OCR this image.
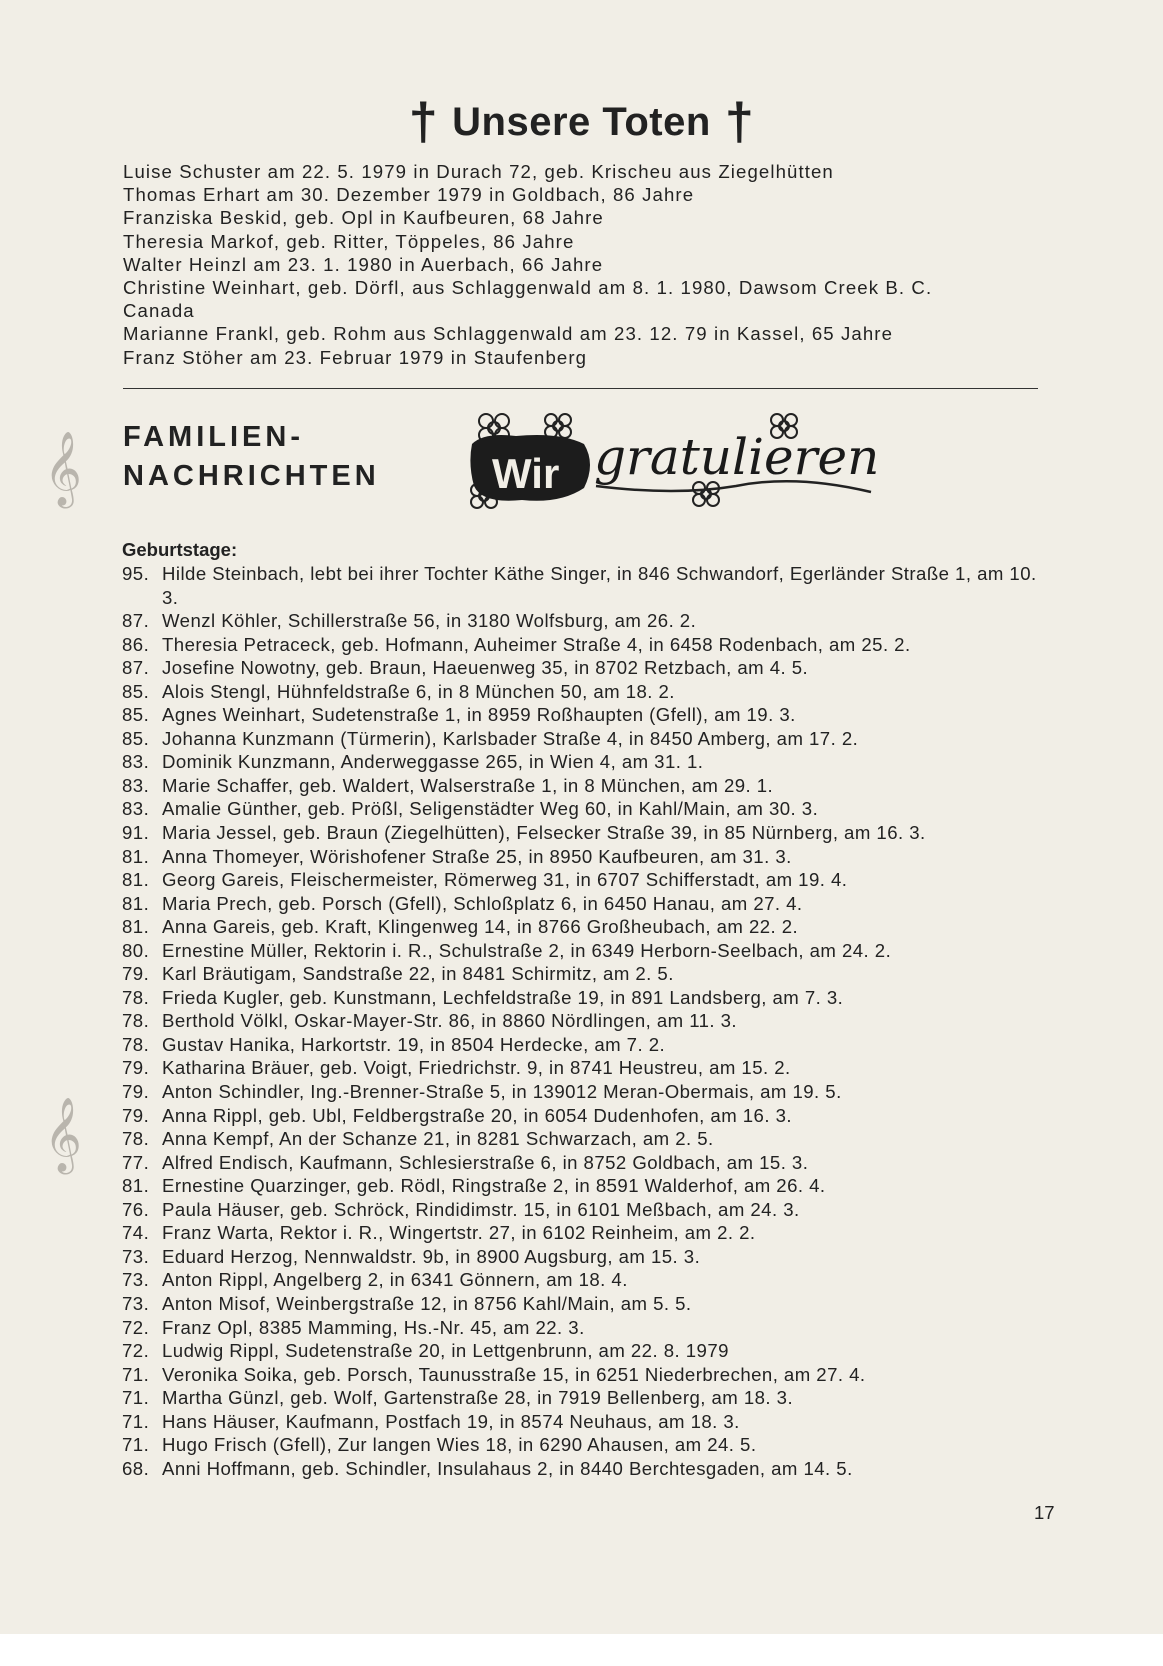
𝄞
𝄞
† Unsere Toten †
Luise Schuster am 22. 5. 1979 in Durach 72, geb. Krischeu aus Ziegelhütten
Thomas Erhart am 30. Dezember 1979 in Goldbach, 86 Jahre
Franziska Beskid, geb. Opl in Kaufbeuren, 68 Jahre
Theresia Markof, geb. Ritter, Töppeles, 86 Jahre
Walter Heinzl am 23. 1. 1980 in Auerbach, 66 Jahre
Christine Weinhart, geb. Dörfl, aus Schlaggenwald am 8. 1. 1980, Dawsom Creek B. C.
Canada
Marianne Frankl, geb. Rohm aus Schlaggenwald am 23. 12. 79 in Kassel, 65 Jahre
Franz Stöher am 23. Februar 1979 in Staufenberg
FAMILIEN-
NACHRICHTEN	Wir gratulieren
Geburtstage:
95. Hilde Steinbach, lebt bei ihrer Tochter Käthe Singer, in 846 Schwandorf, Egerländer Straße 1, am 10. 3.
87. Wenzl Köhler, Schillerstraße 56, in 3180 Wolfsburg, am 26. 2.
86. Theresia Petraceck, geb. Hofmann, Auheimer Straße 4, in 6458 Rodenbach, am 25. 2.
87. Josefine Nowotny, geb. Braun, Haeuenweg 35, in 8702 Retzbach, am 4. 5.
85. Alois Stengl, Hühnfeldstraße 6, in 8 München 50, am 18. 2.
85. Agnes Weinhart, Sudetenstraße 1, in 8959 Roßhaupten (Gfell), am 19. 3.
85. Johanna Kunzmann (Türmerin), Karlsbader Straße 4, in 8450 Amberg, am 17. 2.
83. Dominik Kunzmann, Anderweggasse 265, in Wien 4, am 31. 1.
83. Marie Schaffer, geb. Waldert, Walserstraße 1, in 8 München, am 29. 1.
83. Amalie Günther, geb. Prößl, Seligenstädter Weg 60, in Kahl/Main, am 30. 3.
91. Maria Jessel, geb. Braun (Ziegelhütten), Felsecker Straße 39, in 85 Nürnberg, am 16. 3.
81. Anna Thomeyer, Wörishofener Straße 25, in 8950 Kaufbeuren, am 31. 3.
81. Georg Gareis, Fleischermeister, Römerweg 31, in 6707 Schifferstadt, am 19. 4.
81. Maria Prech, geb. Porsch (Gfell), Schloßplatz 6, in 6450 Hanau, am 27. 4.
81. Anna Gareis, geb. Kraft, Klingenweg 14, in 8766 Großheubach, am 22. 2.
80. Ernestine Müller, Rektorin i. R., Schulstraße 2, in 6349 Herborn-Seelbach, am 24. 2.
79. Karl Bräutigam, Sandstraße 22, in 8481 Schirmitz, am 2. 5.
78. Frieda Kugler, geb. Kunstmann, Lechfeldstraße 19, in 891 Landsberg, am 7. 3.
78. Berthold Völkl, Oskar-Mayer-Str. 86, in 8860 Nördlingen, am 11. 3.
78. Gustav Hanika, Harkortstr. 19, in 8504 Herdecke, am 7. 2.
79. Katharina Bräuer, geb. Voigt, Friedrichstr. 9, in 8741 Heustreu, am 15. 2.
79. Anton Schindler, Ing.-Brenner-Straße 5, in 139012 Meran-Obermais, am 19. 5.
79. Anna Rippl, geb. Ubl, Feldbergstraße 20, in 6054 Dudenhofen, am 16. 3.
78. Anna Kempf, An der Schanze 21, in 8281 Schwarzach, am 2. 5.
77. Alfred Endisch, Kaufmann, Schlesierstraße 6, in 8752 Goldbach, am 15. 3.
81. Ernestine Quarzinger, geb. Rödl, Ringstraße 2, in 8591 Walderhof, am 26. 4.
76. Paula Häuser, geb. Schröck, Rindidimstr. 15, in 6101 Meßbach, am 24. 3.
74. Franz Warta, Rektor i. R., Wingertstr. 27, in 6102 Reinheim, am 2. 2.
73. Eduard Herzog, Nennwaldstr. 9b, in 8900 Augsburg, am 15. 3.
73. Anton Rippl, Angelberg 2, in 6341 Gönnern, am 18. 4.
73. Anton Misof, Weinbergstraße 12, in 8756 Kahl/Main, am 5. 5.
72. Franz Opl, 8385 Mamming, Hs.-Nr. 45, am 22. 3.
72. Ludwig Rippl, Sudetenstraße 20, in Lettgenbrunn, am 22. 8. 1979
71. Veronika Soika, geb. Porsch, Taunusstraße 15, in 6251 Niederbrechen, am 27. 4.
71. Martha Günzl, geb. Wolf, Gartenstraße 28, in 7919 Bellenberg, am 18. 3.
71. Hans Häuser, Kaufmann, Postfach 19, in 8574 Neuhaus, am 18. 3.
71. Hugo Frisch (Gfell), Zur langen Wies 18, in 6290 Ahausen, am 24. 5.
68. Anni Hoffmann, geb. Schindler, Insulahaus 2, in 8440 Berchtesgaden, am 14. 5.
17
